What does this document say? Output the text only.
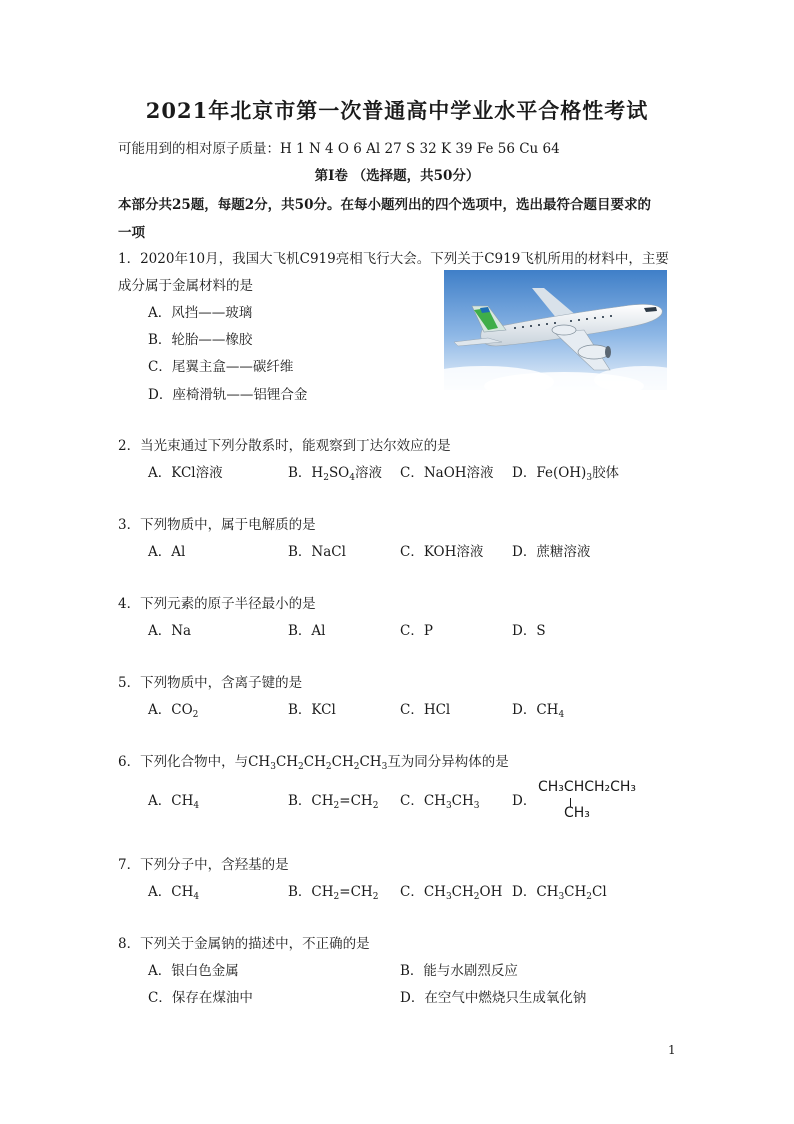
2021年北京市第一次普通高中学业水平合格性考试
可能用到的相对原子质量：H 1 N 4 O 6 Al 27 S 32 K 39 Fe 56 Cu 64
第Ⅰ卷 （选择题，共50分）
本部分共25题，每题2分，共50分。在每小题列出的四个选项中，选出最符合题目要求的
一项
1．2020年10月，我国大飞机C919亮相飞行大会。下列关于C919飞机所用的材料中，主要
成分属于金属材料的是
A．风挡——玻璃
B．轮胎——橡胶
C．尾翼主盒——碳纤维
D．座椅滑轨——铝锂合金
2．当光束通过下列分散系时，能观察到丁达尔效应的是
A．KCl溶液	B．$H_2SO_4$溶液 C．NaOH溶液 D．$Fe(OH)_3$胶体
3．下列物质中，属于电解质的是
A．Al	B．NaCl	C．KOH溶液 D．蔗糖溶液
4．下列元素的原子半径最小的是
A．Na	B．Al	C．P	D．S
5．下列物质中，含离子键的是
A．$CO_2$	B．KCl	C．HCl	D．$CH_4$
6．下列化合物中，与$CH_3CH_2CH_2CH_2CH_3$互为同分异构体的是
A．$CH_4$	B．$CH_2=CH_2$ C．$CH_3CH_3$ D．
CH₃CHCH₂CH₃
CH₃
7．下列分子中，含羟基的是
A．$CH_4$	B．$CH_2=CH_2$ C．$CH_3CH_2OH$ D．$CH_3CH_2Cl$
8．下列关于金属钠的描述中，不正确的是
A．银白色金属	B．能与水剧烈反应
C．保存在煤油中	D．在空气中燃烧只生成氧化钠
1
